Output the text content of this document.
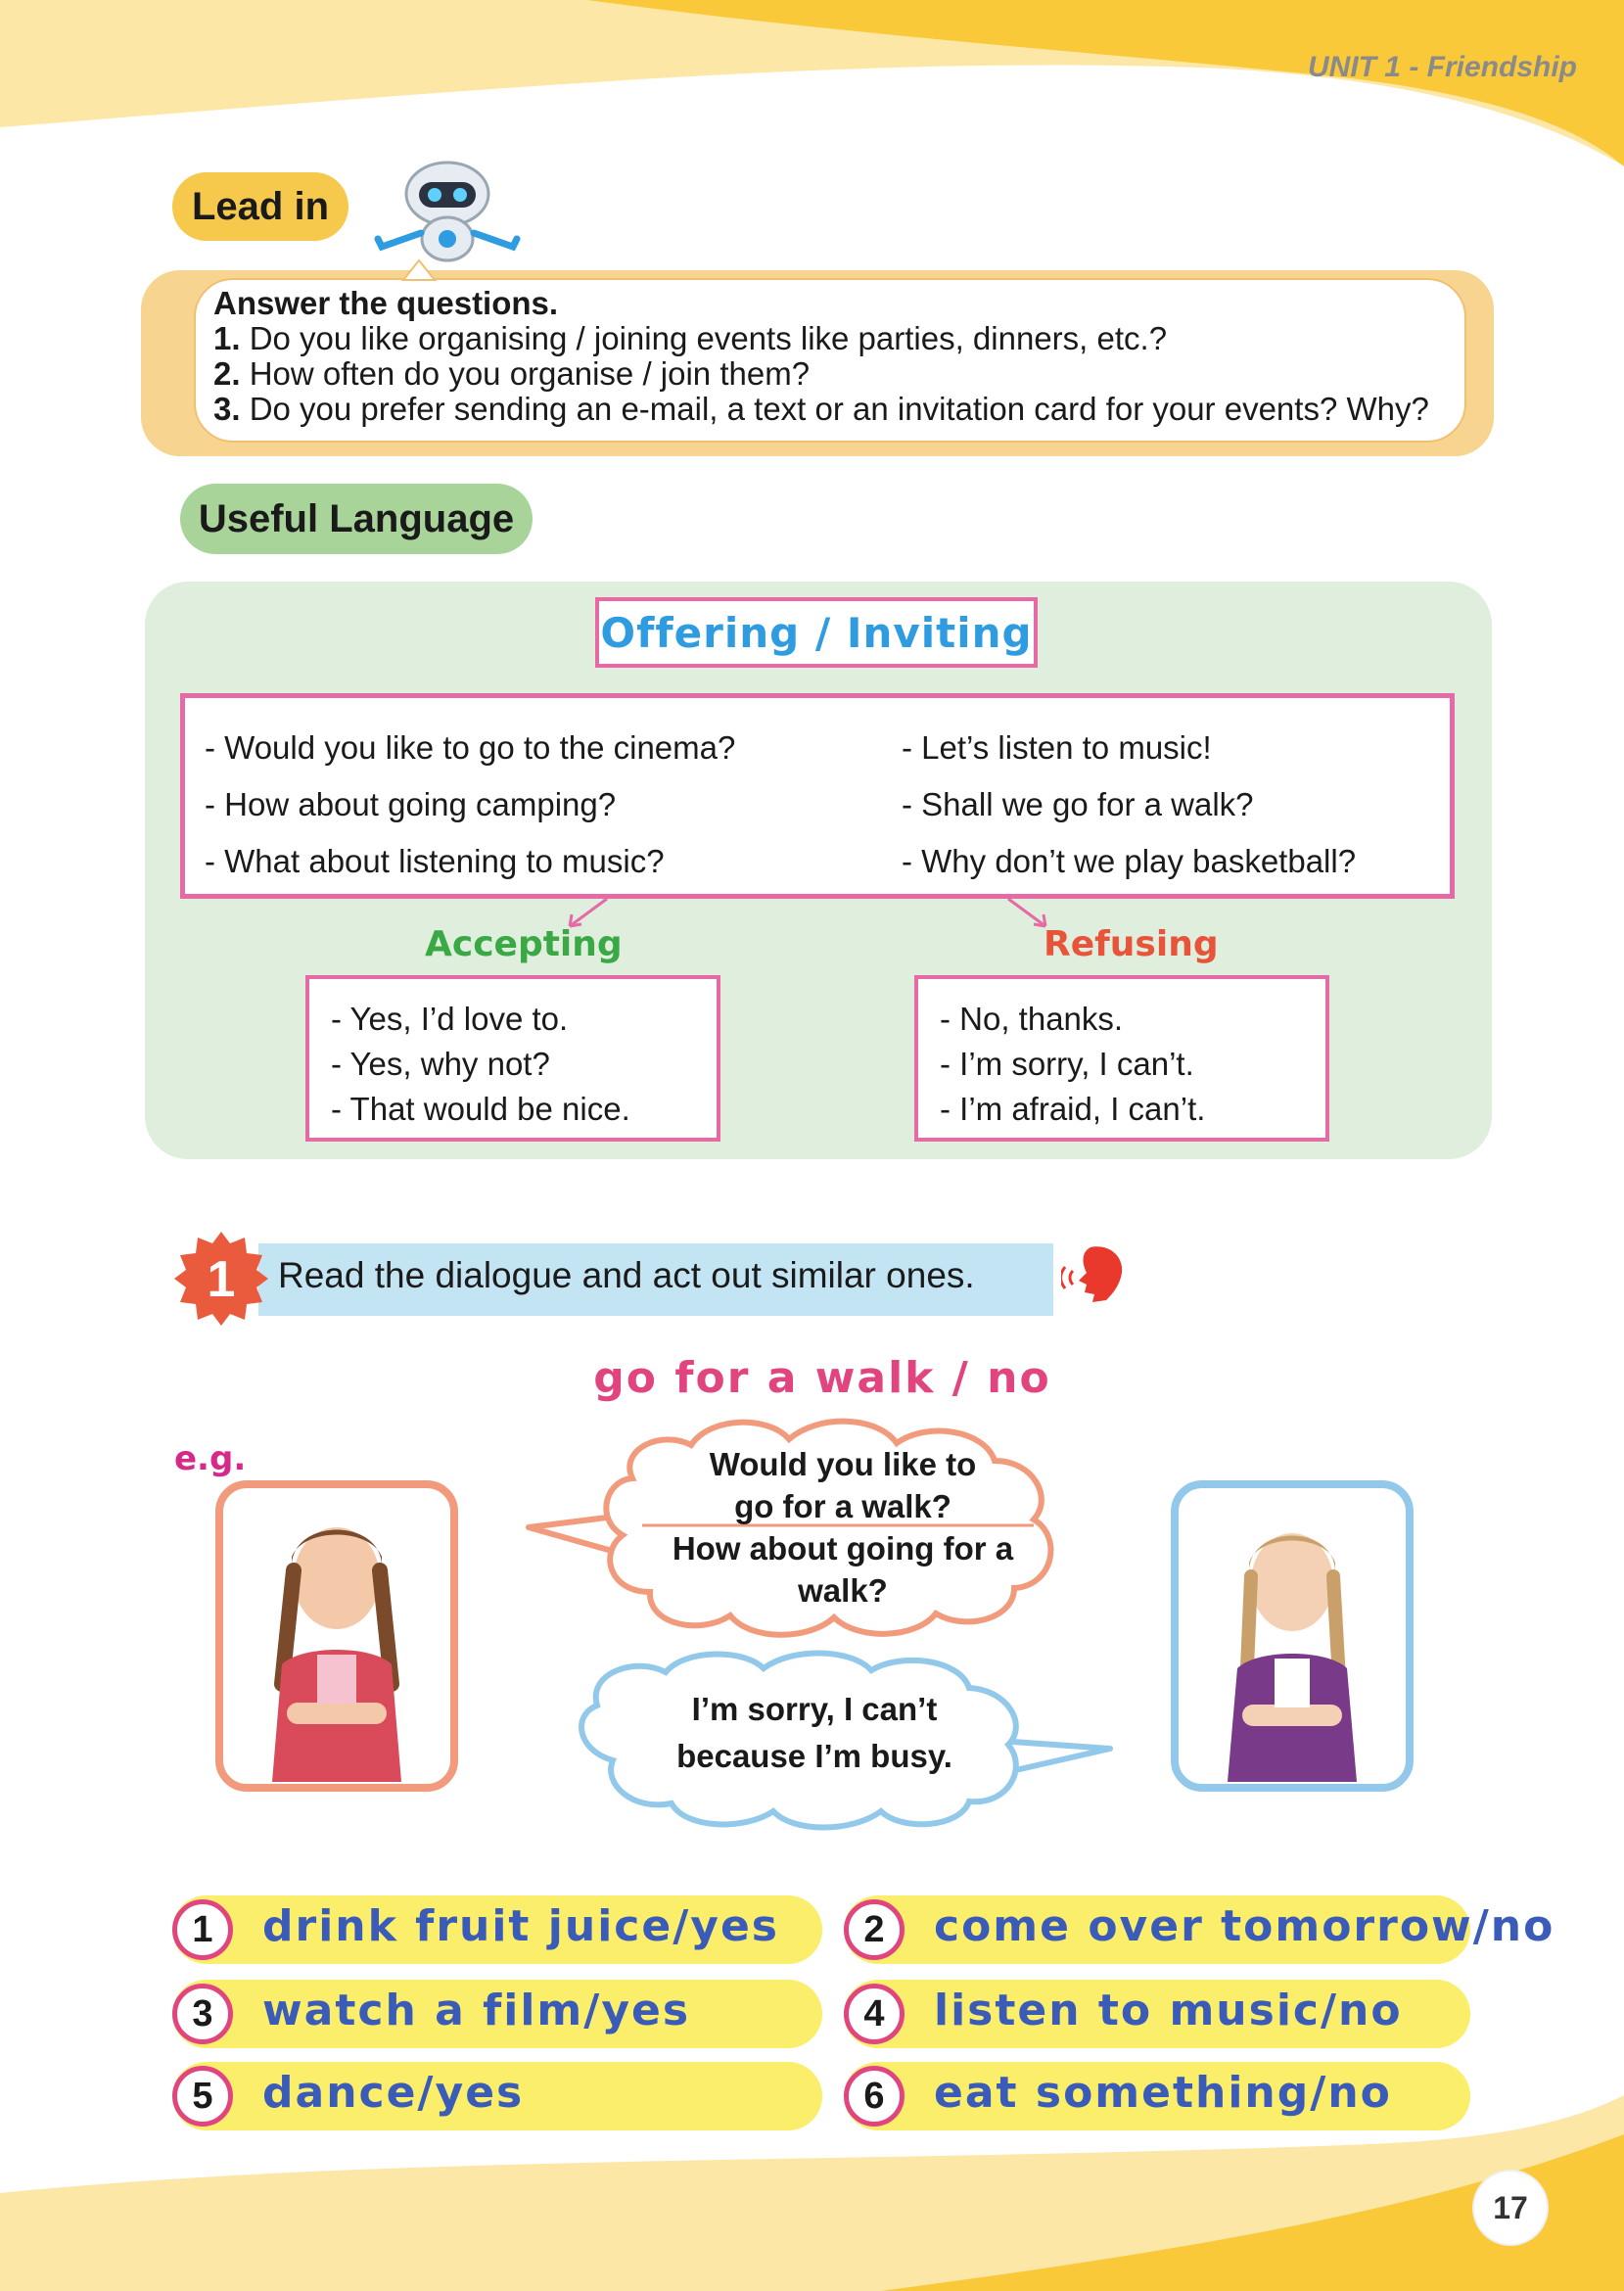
UNIT 1 - Friendship
Lead in
Answer the questions.
1. Do you like organising / joining events like parties, dinners, etc.?
2. How often do you organise / join them?
3. Do you prefer sending an e-mail, a text or an invitation card for your events? Why?
Useful Language
Offering / Inviting
- Would you like to go to the cinema?
- How about going camping?
- What about listening to music?
- Let’s listen to music!
- Shall we go for a walk?
- Why don’t we play basketball?
Accepting	Refusing
- Yes, I’d love to.
- Yes, why not?
- That would be nice.
- No, thanks.
- I’m sorry, I can’t.
- I’m afraid, I can’t.
1 Read the dialogue and act out similar ones.
go for a walk / no
e.g.	Would you like to
go for a walk?
How about going for a
walk?
I’m sorry, I can’t
because I’m busy.
1	drink fruit juice/yes	2	come over tomorrow/no
3	watch a film/yes	4	listen to music/no
5	dance/yes	6	eat something/no
17
